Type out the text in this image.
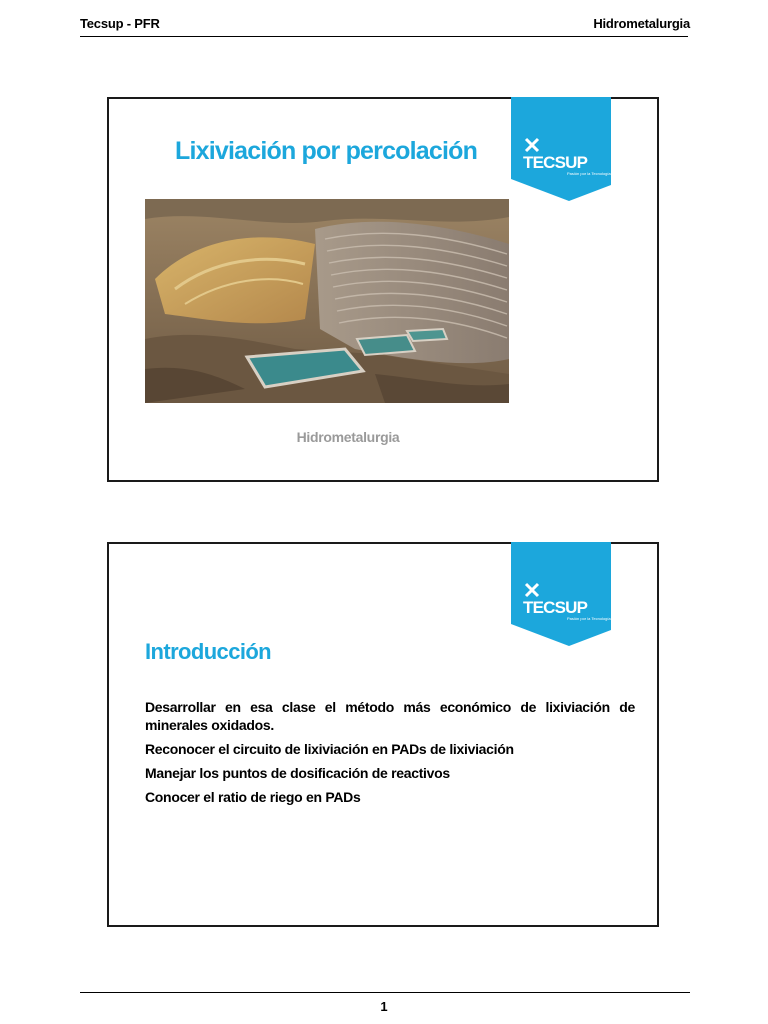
Tecsup - PFR	Hidrometalurgia
TECSUP
Pasión por la Tecnología
Lixiviación por percolación
Hidrometalurgia
TECSUP
Pasión por la Tecnología
Introducción
Desarrollar en esa clase el método más económico de lixiviación de minerales oxidados.
Reconocer el circuito de lixiviación en PADs de lixiviación
Manejar los puntos de dosificación de reactivos
Conocer el ratio de riego en PADs
1
